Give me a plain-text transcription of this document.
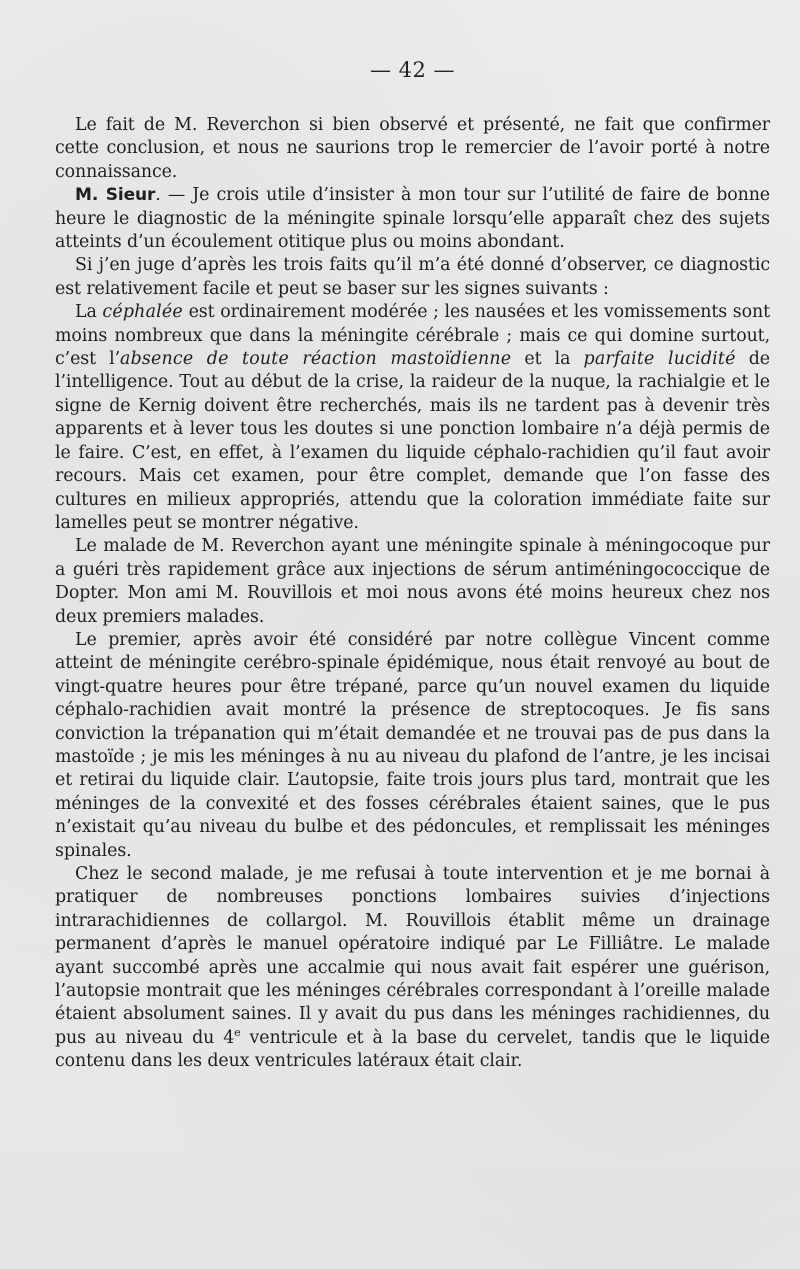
— 42 —

Le fait de M. Reverchon si bien observé et présenté, ne fait que confirmer cette conclusion, et nous ne saurions trop le remercier de l’avoir porté à notre connaissance.

M. Sieur. — Je crois utile d’insister à mon tour sur l’utilité de faire de bonne heure le diagnostic de la méningite spinale lorsqu’elle apparaît chez des sujets atteints d’un écoulement otitique plus ou moins abondant.

Si j’en juge d’après les trois faits qu’il m’a été donné d’observer, ce diagnostic est relativement facile et peut se baser sur les signes suivants :

La céphalée est ordinairement modérée ; les nausées et les vomissements sont moins nombreux que dans la méningite cérébrale ; mais ce qui domine surtout, c’est l’absence de toute réaction mastoïdienne et la parfaite lucidité de l’intelligence. Tout au début de la crise, la raideur de la nuque, la rachialgie et le signe de Kernig doivent être recherchés, mais ils ne tardent pas à devenir très apparents et à lever tous les doutes si une ponction lombaire n’a déjà permis de le faire. C’est, en effet, à l’examen du liquide céphalo-rachidien qu’il faut avoir recours. Mais cet examen, pour être complet, demande que l’on fasse des cultures en milieux appropriés, attendu que la coloration immédiate faite sur lamelles peut se montrer négative.

Le malade de M. Reverchon ayant une méningite spinale à méningocoque pur a guéri très rapidement grâce aux injections de sérum antiméningococcique de Dopter. Mon ami M. Rouvillois et moi nous avons été moins heureux chez nos deux premiers malades.

Le premier, après avoir été considéré par notre collègue Vincent comme atteint de méningite cerébro-spinale épidémique, nous était renvoyé au bout de vingt-quatre heures pour être trépané, parce qu’un nouvel examen du liquide céphalo-rachidien avait montré la présence de streptocoques. Je fis sans conviction la trépanation qui m’était demandée et ne trouvai pas de pus dans la mastoïde ; je mis les méninges à nu au niveau du plafond de l’antre, je les incisai et retirai du liquide clair. L’autopsie, faite trois jours plus tard, montrait que les méninges de la convexité et des fosses cérébrales étaient saines, que le pus n’existait qu’au niveau du bulbe et des pédoncules, et remplissait les méninges spinales.

Chez le second malade, je me refusai à toute intervention et je me bornai à pratiquer de nombreuses ponctions lombaires suivies d’injections intrarachidiennes de collargol. M. Rouvillois établit même un drainage permanent d’après le manuel opératoire indiqué par Le Filliâtre. Le malade ayant succombé après une accalmie qui nous avait fait espérer une guérison, l’autopsie montrait que les méninges cérébrales correspondant à l’oreille malade étaient absolument saines. Il y avait du pus dans les méninges rachidiennes, du pus au niveau du 4e ventricule et à la base du cervelet, tandis que le liquide contenu dans les deux ventricules latéraux était clair.
